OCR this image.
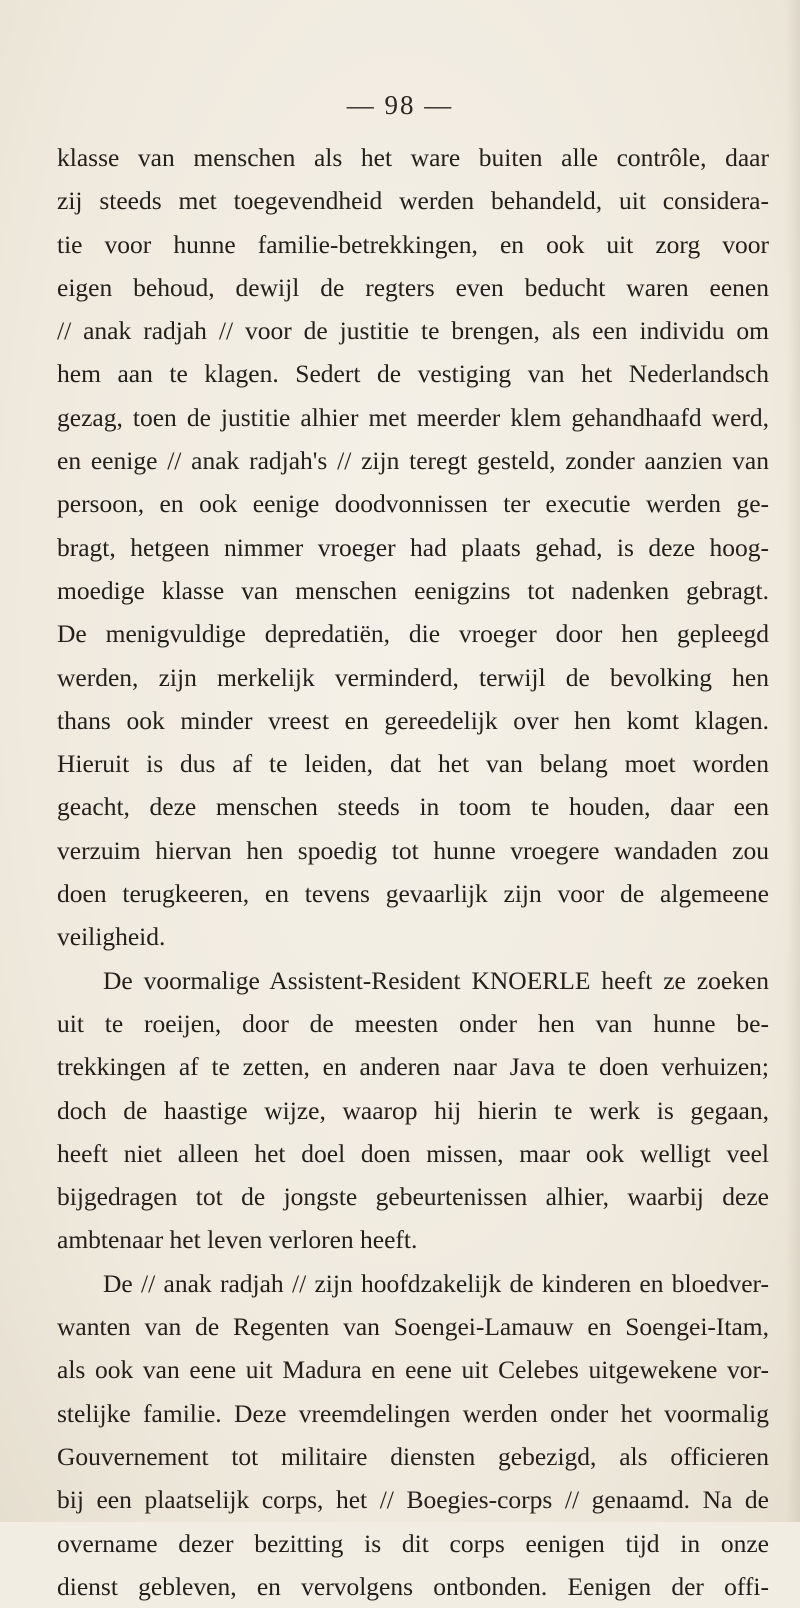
— 98 —
klasse van menschen als het ware buiten alle contrôle, daar
zij steeds met toegevendheid werden behandeld, uit considera-
tie voor hunne familie-betrekkingen, en ook uit zorg voor
eigen behoud, dewijl de regters even beducht waren eenen
// anak radjah // voor de justitie te brengen, als een individu om
hem aan te klagen. Sedert de vestiging van het Nederlandsch
gezag, toen de justitie alhier met meerder klem gehandhaafd werd,
en eenige // anak radjah's // zijn teregt gesteld, zonder aanzien van
persoon, en ook eenige doodvonnissen ter executie werden ge-
bragt, hetgeen nimmer vroeger had plaats gehad, is deze hoog-
moedige klasse van menschen eenigzins tot nadenken gebragt.
De menigvuldige depredatiën, die vroeger door hen gepleegd
werden, zijn merkelijk verminderd, terwijl de bevolking hen
thans ook minder vreest en gereedelijk over hen komt klagen.
Hieruit is dus af te leiden, dat het van belang moet worden
geacht, deze menschen steeds in toom te houden, daar een
verzuim hiervan hen spoedig tot hunne vroegere wandaden zou
doen terugkeeren, en tevens gevaarlijk zijn voor de algemeene
veiligheid.
De voormalige Assistent-Resident KNOERLE heeft ze zoeken
uit te roeijen, door de meesten onder hen van hunne be-
trekkingen af te zetten, en anderen naar Java te doen verhuizen;
doch de haastige wijze, waarop hij hierin te werk is gegaan,
heeft niet alleen het doel doen missen, maar ook welligt veel
bijgedragen tot de jongste gebeurtenissen alhier, waarbij deze
ambtenaar het leven verloren heeft.
De // anak radjah // zijn hoofdzakelijk de kinderen en bloedver-
wanten van de Regenten van Soengei-Lamauw en Soengei-Itam,
als ook van eene uit Madura en eene uit Celebes uitgewekene vor-
stelijke familie. Deze vreemdelingen werden onder het voormalig
Gouvernement tot militaire diensten gebezigd, als officieren
bij een plaatselijk corps, het // Boegies-corps // genaamd. Na de
overname dezer bezitting is dit corps eenigen tijd in onze
dienst gebleven, en vervolgens ontbonden. Eenigen der offi-
